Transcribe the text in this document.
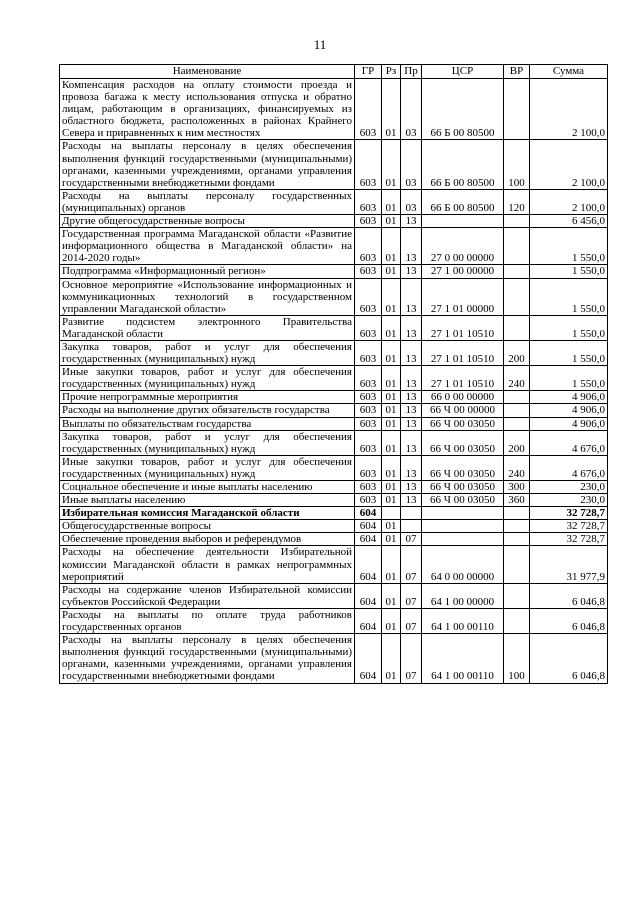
11
Наименование	ГР	Рз	Пр	ЦСР	ВР	Сумма
Компенсация расходов на оплату стоимости проезда и провоза багажа к месту использования отпуска и обратно лицам, работающим в организациях, финансируемых из областного бюджета, расположенных в районах Крайнего Севера и приравненных к ним местностях	603	01	03	66 Б 00 80500		2 100,0
Расходы на выплаты персоналу в целях обеспечения выполнения функций государственными (муниципальными) органами, казенными учреждениями, органами управления государственными внебюджетными фондами	603	01	03	66 Б 00 80500	100	2 100,0
Расходы на выплаты персоналу государственных (муниципальных) органов	603	01	03	66 Б 00 80500	120	2 100,0
Другие общегосударственные вопросы	603	01	13			6 456,0
Государственная программа Магаданской области «Развитие информационного общества в Магаданской области» на 2014-2020 годы»	603	01	13	27 0 00 00000		1 550,0
Подпрограмма «Информационный регион»	603	01	13	27 1 00 00000		1 550,0
Основное мероприятие «Использование информационных и коммуникационных технологий в государственном управлении Магаданской области»	603	01	13	27 1 01 00000		1 550,0
Развитие подсистем электронного Правительства Магаданской области	603	01	13	27 1 01 10510		1 550,0
Закупка товаров, работ и услуг для обеспечения государственных (муниципальных) нужд	603	01	13	27 1 01 10510	200	1 550,0
Иные закупки товаров, работ и услуг для обеспечения государственных (муниципальных) нужд	603	01	13	27 1 01 10510	240	1 550,0
Прочие непрограммные мероприятия	603	01	13	66 0 00 00000		4 906,0
Расходы на выполнение других обязательств государства	603	01	13	66 Ч 00 00000		4 906,0
Выплаты по обязательствам государства	603	01	13	66 Ч 00 03050		4 906,0
Закупка товаров, работ и услуг для обеспечения государственных (муниципальных) нужд	603	01	13	66 Ч 00 03050	200	4 676,0
Иные закупки товаров, работ и услуг для обеспечения государственных (муниципальных) нужд	603	01	13	66 Ч 00 03050	240	4 676,0
Социальное обеспечение и иные выплаты населению	603	01	13	66 Ч 00 03050	300	230,0
Иные выплаты населению	603	01	13	66 Ч 00 03050	360	230,0
Избирательная комиссия Магаданской области	604					32 728,7
Общегосударственные вопросы	604	01				32 728,7
Обеспечение проведения выборов и референдумов	604	01	07			32 728,7
Расходы на обеспечение деятельности Избирательной комиссии Магаданской области в рамках непрограммных мероприятий	604	01	07	64 0 00 00000		31 977,9
Расходы на содержание членов Избирательной комиссии субъектов Российской Федерации	604	01	07	64 1 00 00000		6 046,8
Расходы на выплаты по оплате труда работников государственных органов	604	01	07	64 1 00 00110		6 046,8
Расходы на выплаты персоналу в целях обеспечения выполнения функций государственными (муниципальными) органами, казенными учреждениями, органами управления государственными внебюджетными фондами	604	01	07	64 1 00 00110	100	6 046,8
